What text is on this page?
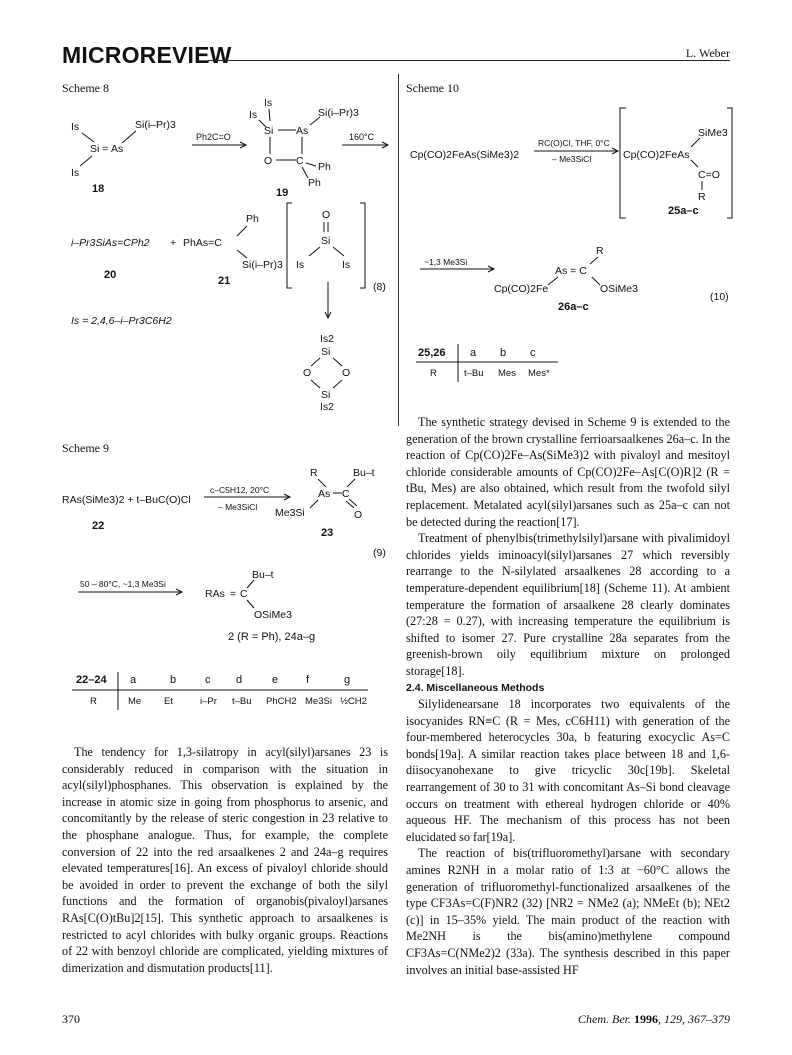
MICROREVIEW	L. Weber
Scheme 8
Is
Si = As
Si(i–Pr)3
Is
18
Ph2C=O
Is
Is
Si As
Si(i–Pr)3
O C Ph
Ph
19
160°C
i–Pr3SiAs=CPh2 + PhAs=C
Ph
Si(i–Pr)3
20	21
O
Si
Is	Is
(8)
Is = 2,4,6–i–Pr3C6H2
Is2
Si
O	O
Si
Is2
Scheme 9
RAs(SiMe3)2 + t–BuC(O)Cl
22
c–C5H12, 20°C
– Me3SiCl
R	Bu–t
As C
Me3Si	O
23
(9)
50 – 80°C, ~1,3 Me3Si
RAs = C
Bu–t
OSiMe3
2 (R = Ph), 24a–g
22–24 a	b	c d	e	f	g
R	Me Et	i–Pr t–Bu PhCH2 Me3Si ½CH2
Scheme 10
Cp(CO)2FeAs(SiMe3)2
RC(O)Cl, THF, 0°C
– Me3SiCl	Cp(CO)2FeAs
SiMe3
C=O
R
25a–c
~1,3 Me3Si
R
As = C
Cp(CO)2Fe	OSiMe3
26a–c
(10)
25,26 a b c
R	t–Bu Mes Mes*

The tendency for 1,3-silatropy in acyl(silyl)arsanes 23 is considerably reduced in comparison with the situation in acyl(silyl)phosphanes. This observation is explained by the increase in atomic size in going from phosphorus to arsenic, and concomitantly by the release of steric congestion in 23 relative to the phosphane analogue. Thus, for example, the complete conversion of 22 into the red arsaalkenes 2 and 24a–g requires elevated temperatures[16]. An excess of pivaloyl chloride should be avoided in order to prevent the exchange of both the silyl functions and the formation of organobis(pivaloyl)arsanes RAs[C(O)tBu]2[15]. This synthetic approach to arsaalkenes is restricted to acyl chlorides with bulky organic groups. Reactions of 22 with benzoyl chloride are complicated, yielding mixtures of dimerization and dismutation products[11].

The synthetic strategy devised in Scheme 9 is extended to the generation of the brown crystalline ferrioarsaalkenes 26a–c. In the reaction of Cp(CO)2Fe–As(SiMe3)2 with pivaloyl and mesitoyl chloride considerable amounts of Cp(CO)2Fe–As[C(O)R]2 (R = tBu, Mes) are also obtained, which result from the twofold silyl replacement. Metalated acyl(silyl)arsanes such as 25a–c can not be detected during the reaction[17].

Treatment of phenylbis(trimethylsilyl)arsane with pivalimidoyl chlorides yields iminoacyl(silyl)arsanes 27 which reversibly rearrange to the N-silylated arsaalkenes 28 according to a temperature-dependent equilibrium[18] (Scheme 11). At ambient temperature the formation of arsaalkene 28 clearly dominates (27:28 = 0.27), with increasing temperature the equilibrium is shifted to isomer 27. Pure crystalline 28a separates from the greenish-brown oily equilibrium mixture on prolonged storage[18].

2.4. Miscellaneous Methods

Silylidenearsane 18 incorporates two equivalents of the isocyanides RN≡C (R = Mes, cC6H11) with generation of the four-membered heterocycles 30a, b featuring exocyclic As=C bonds[19a]. A similar reaction takes place between 18 and 1,6-diisocyanohexane to give tricyclic 30c[19b]. Skeletal rearrangement of 30 to 31 with concomitant As–Si bond cleavage occurs on treatment with ethereal hydrogen chloride or 40% aqueous HF. The mechanism of this process has not been elucidated so far[19a].

The reaction of bis(trifluoromethyl)arsane with secondary amines R2NH in a molar ratio of 1:3 at −60°C allows the generation of trifluoromethyl-functionalized arsaalkenes of the type CF3As=C(F)NR2 (32) [NR2 = NMe2 (a); NMeEt (b); NEt2 (c)] in 15–35% yield. The main product of the reaction with Me2NH is the bis(amino)methylene compound CF3As=C(NMe2)2 (33a). The synthesis described in this paper involves an initial base-assisted HF

370	Chem. Ber. 1996, 129, 367–379
